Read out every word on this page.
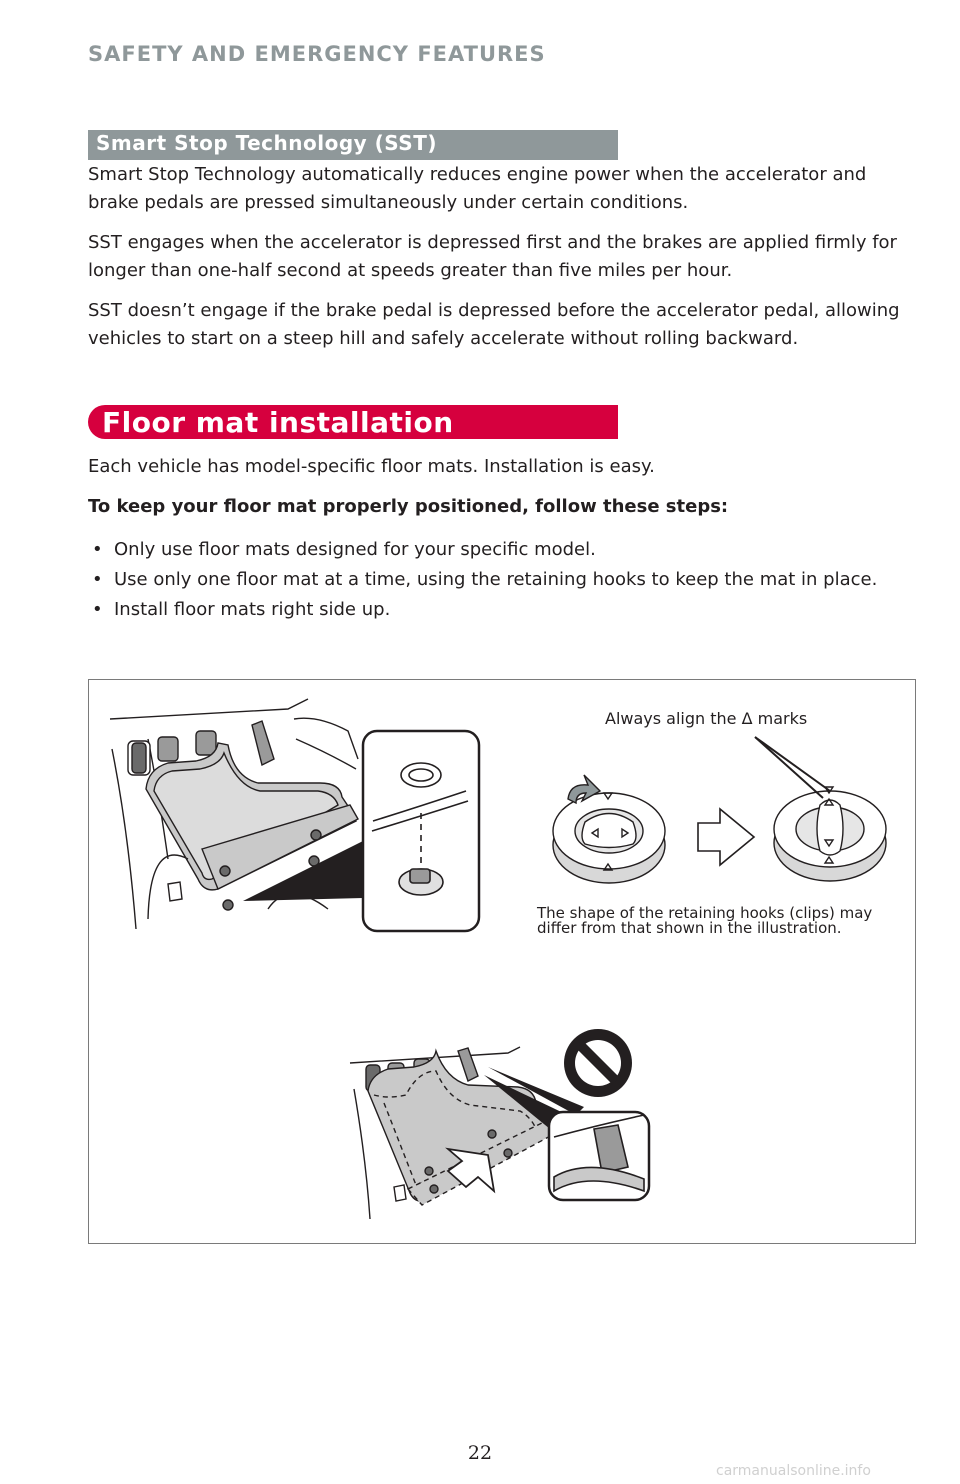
SAFETY AND EMERGENCY FEATURES
Smart Stop Technology (SST)
Smart Stop Technology automatically reduces engine power when the accelerator and brake pedals are pressed simultaneously under certain conditions.
SST engages when the accelerator is depressed first and the brakes are applied firmly for longer than one-half second at speeds greater than five miles per hour.
SST doesn’t engage if the brake pedal is depressed before the accelerator pedal, allowing vehicles to start on a steep hill and safely accelerate without rolling backward.
Floor mat installation
Each vehicle has model-specific floor mats. Installation is easy.
To keep your floor mat properly positioned, follow these steps:
• Only use floor mats designed for your specific model.
• Use only one floor mat at a time, using the retaining hooks to keep the mat in place.
• Install floor mats right side up.
Always align the Δ marks
The shape of the retaining hooks (clips) may differ from that shown in the illustration.
22
carmanualsonline.info
